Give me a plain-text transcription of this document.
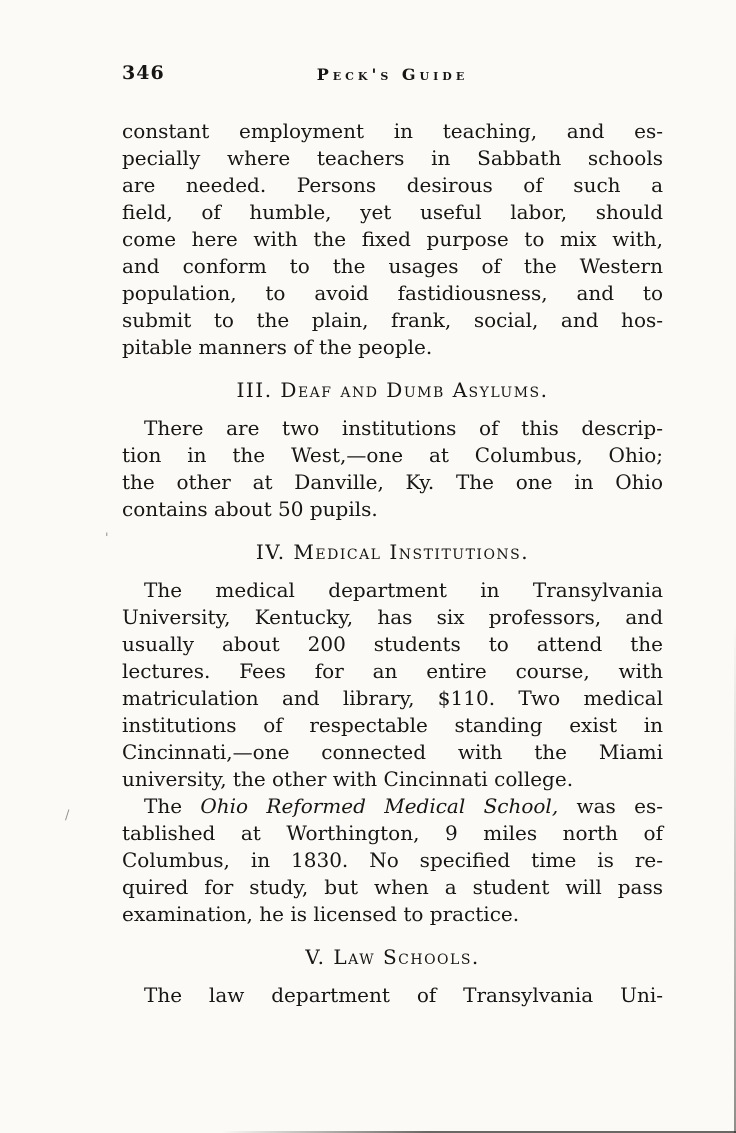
346	Peck's Guide

constant employment in teaching, and es-
pecially where teachers in Sabbath schools
are needed. Persons desirous of such a
field, of humble, yet useful labor, should
come here with the fixed purpose to mix with,
and conform to the usages of the Western
population, to avoid fastidiousness, and to
submit to the plain, frank, social, and hos-
pitable manners of the people.

III. Deaf and Dumb Asylums.

There are two institutions of this descrip-
tion in the West,—one at Columbus, Ohio;
the other at Danville, Ky. The one in Ohio
contains about 50 pupils.

IV. Medical Institutions.

The medical department in Transylvania
University, Kentucky, has six professors, and
usually about 200 students to attend the
lectures. Fees for an entire course, with
matriculation and library, $110. Two medical
institutions of respectable standing exist in
Cincinnati,—one connected with the Miami
university, the other with Cincinnati college.

The Ohio Reformed Medical School, was es-
tablished at Worthington, 9 miles north of
Columbus, in 1830. No specified time is re-
quired for study, but when a student will pass
examination, he is licensed to practice.

V. Law Schools.

The law department of Transylvania Uni-

'
/
